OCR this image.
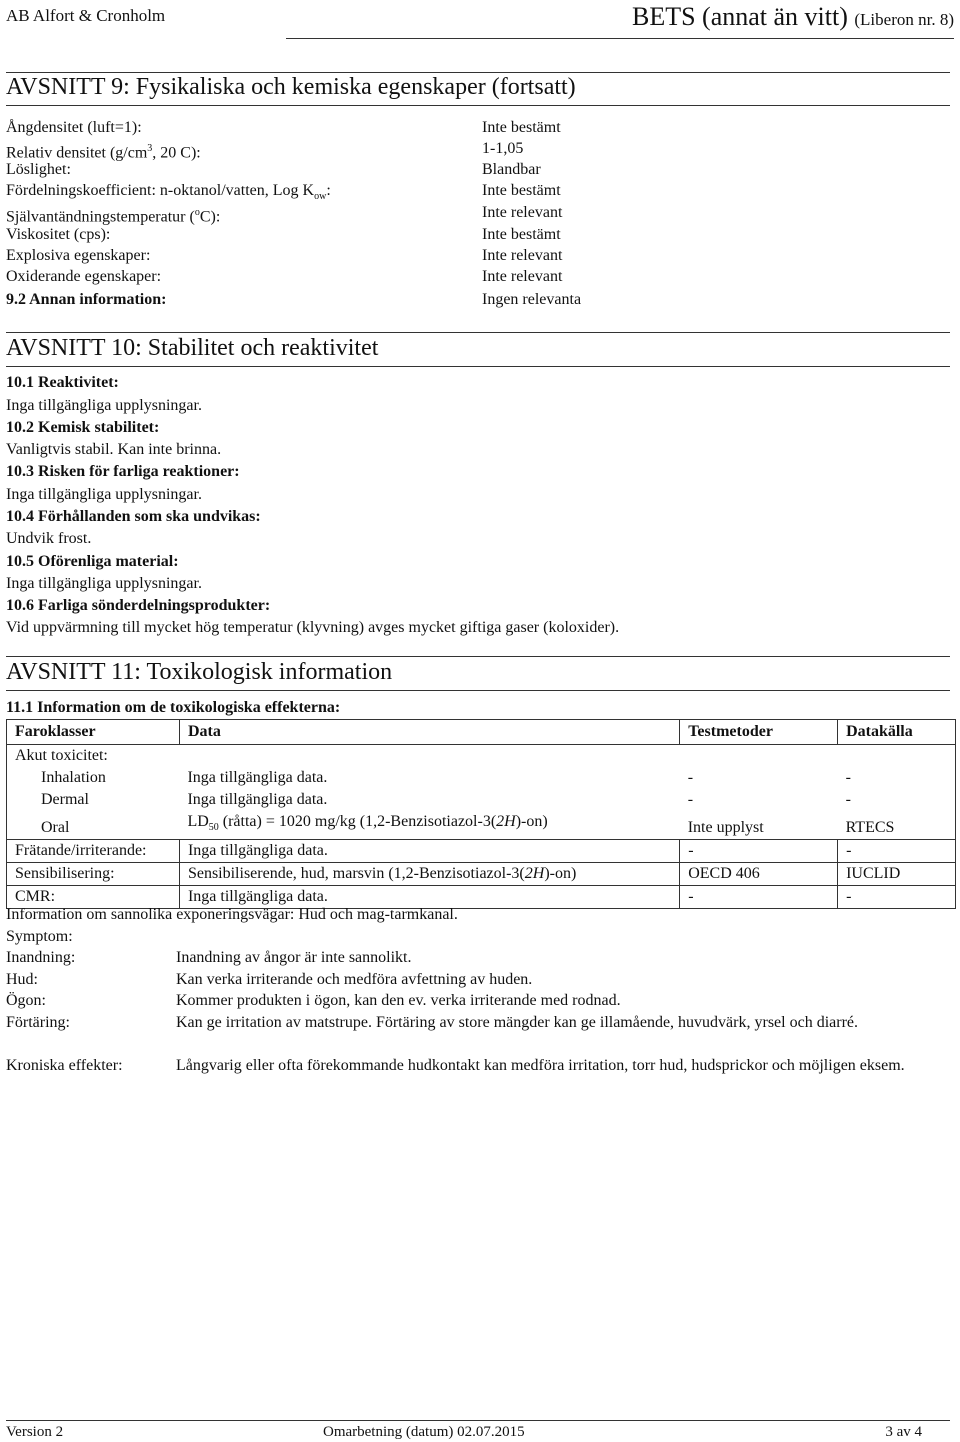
AB Alfort & Cronholm	BETS (annat än vitt) (Liberon nr. 8)
AVSNITT 9: Fysikaliska och kemiska egenskaper (fortsatt)
Ångdensitet (luft=1):	Inte bestämt
Relativ densitet ($g/cm^3$, 20 C):	1-1,05
Löslighet:	Blandbar
Fördelningskoefficient: n-oktanol/vatten, Log $K_{ow}$:	Inte bestämt
Självantändningstemperatur ($^o$C):	Inte relevant
Viskositet (cps):	Inte bestämt
Explosiva egenskaper:	Inte relevant
Oxiderande egenskaper:	Inte relevant
9.2 Annan information:	Ingen relevanta
AVSNITT 10: Stabilitet och reaktivitet
10.1 Reaktivitet:
Inga tillgängliga upplysningar.
10.2 Kemisk stabilitet:
Vanligtvis stabil. Kan inte brinna.
10.3 Risken för farliga reaktioner:
Inga tillgängliga upplysningar.
10.4 Förhållanden som ska undvikas:
Undvik frost.
10.5 Oförenliga material:
Inga tillgängliga upplysningar.
10.6 Farliga sönderdelningsprodukter:
Vid uppvärmning till mycket hög temperatur (klyvning) avges mycket giftiga gaser (koloxider).
AVSNITT 11: Toxikologisk information
11.1 Information om de toxikologiska effekterna:
Faroklasser	Data	Testmetoder	Datakälla
Akut toxicitet:			
Inhalation	Inga tillgängliga data.	-	-
Dermal	Inga tillgängliga data.	-	-
Oral	$LD_{50}$ (råtta) = 1020 mg/kg (1,2-Benzisotiazol-3(2H)-on)	Inte upplyst	RTECS
Frätande/irriterande:	Inga tillgängliga data.	-	-
Sensibilisering:	Sensibiliserende, hud, marsvin (1,2-Benzisotiazol-3(2H)-on)	OECD 406	IUCLID
CMR:	Inga tillgängliga data.	-	-
Information om sannolika exponeringsvägar: Hud och mag-tarmkanal.
Symptom:
Inandning:	Inandning av ångor är inte sannolikt.
Hud:	Kan verka irriterande och medföra avfettning av huden.
Ögon:	Kommer produkten i ögon, kan den ev. verka irriterande med rodnad.
Förtäring:	Kan ge irritation av matstrupe. Förtäring av store mängder kan ge illamående, huvudvärk, yrsel och diarré.
Kroniska effekter:	Långvarig eller ofta förekommande hudkontakt kan medföra irritation, torr hud, hudsprickor och möjligen eksem.
Version 2	Omarbetning (datum) 02.07.2015	3 av 4
